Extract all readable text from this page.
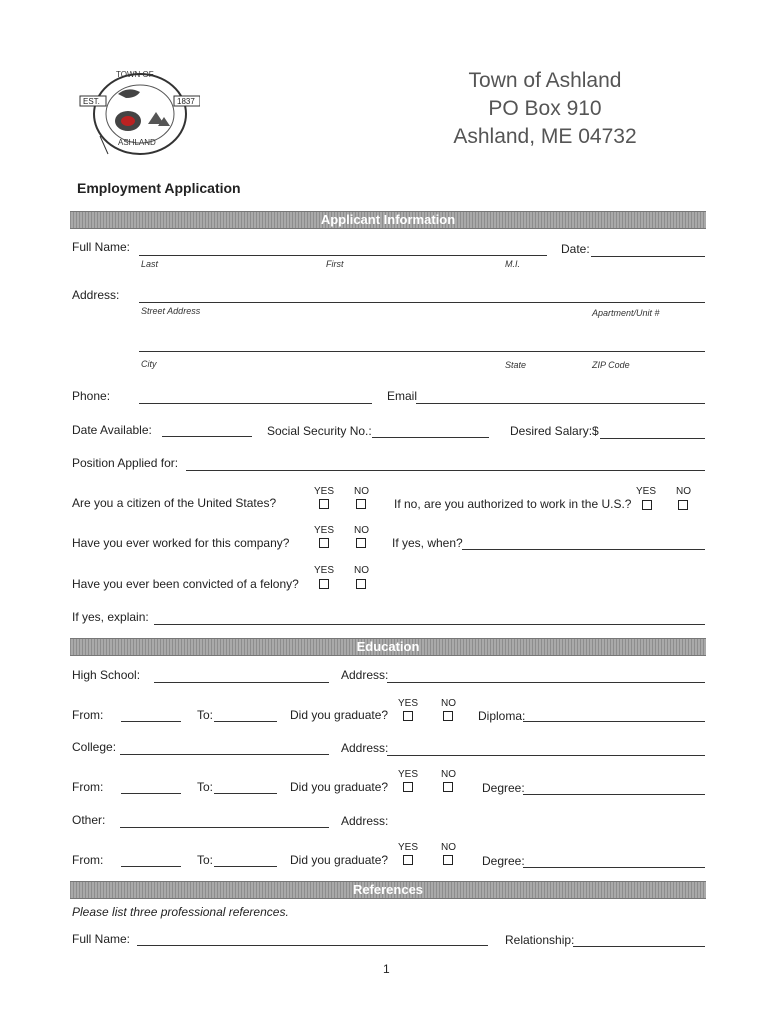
TOWN OF
EST.	1837
ASHLAND
Town of Ashland
PO Box 910
Ashland, ME 04732
Employment Application
Applicant Information
Full Name:
Last	First	M.I.
Date:
Address:
Street Address	Apartment/Unit #
City	State	ZIP Code
Phone:	Email
Date Available:	Social Security No.:	Desired Salary:$
Position Applied for:
Are you a citizen of the United States?
YES NO
If no, are you authorized to work in the U.S.?
YES NO
Have you ever worked for this company?
YES NO
If yes, when?
Have you ever been convicted of a felony?
YES NO
If yes, explain:
Education
High School:	Address:
From:	To:	Did you graduate?
YES NO
Diploma:
College:	Address:
From:	To:	Did you graduate?
YES NO
Degree:
Other:	Address:
From:	To:	Did you graduate?
YES NO
Degree:
References
Please list three professional references.
Full Name:	Relationship:
1
